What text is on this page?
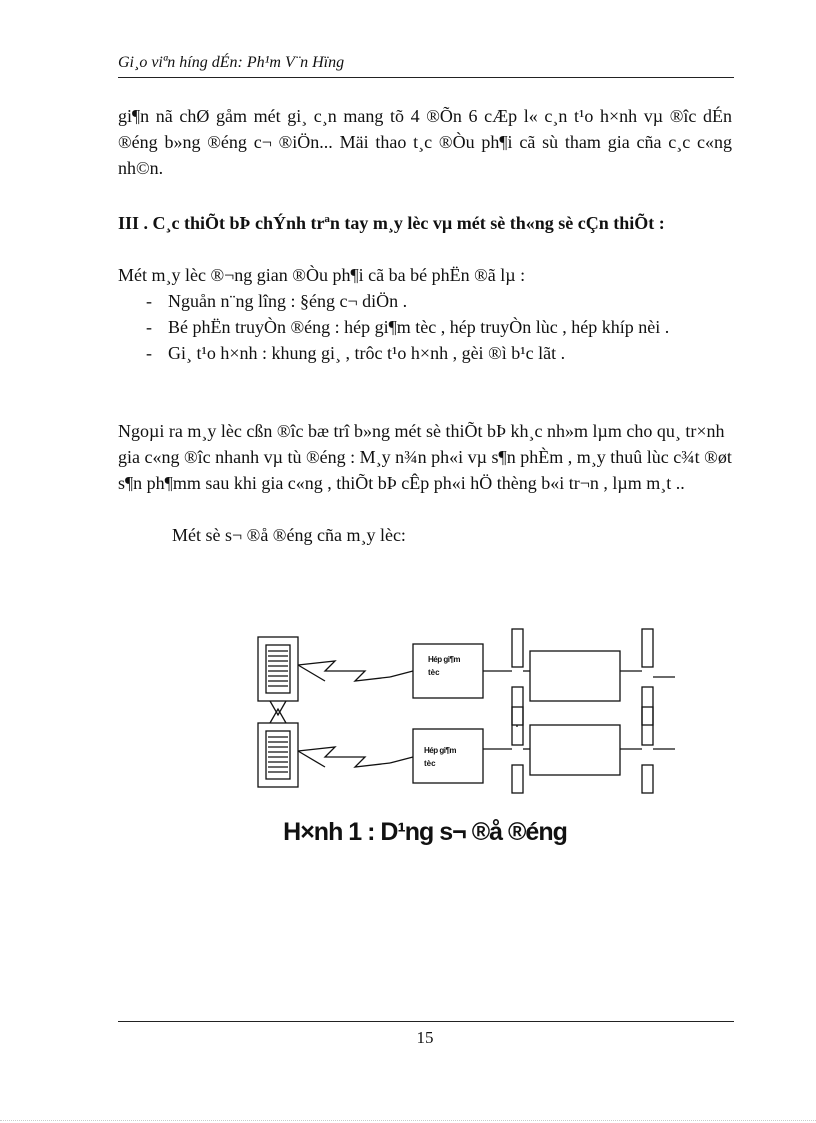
Gi¸o viªn híng dÉn: Ph¹m V¨n Hïng
gi¶n nã chØ gåm mét gi¸ c¸n mang tõ 4 ®Õn 6 cÆp l« c¸n t¹o h×nh vµ ®îc dÉn ®éng b»ng ®éng c¬ ®iÖn... Mäi thao t¸c ®Òu ph¶i cã sù tham gia cña c¸c c«ng nh©n.
III . C¸c thiÕt bÞ chÝnh trªn tay m¸y lèc vµ mét sè th«ng sè cÇn thiÕt :
Mét m¸y lèc ®¬ng gian ®Òu ph¶i cã ba bé phËn ®ã lµ :
- Nguån n¨ng lîng : §éng c¬ diÖn .
- Bé phËn truyÒn ®éng : hép gi¶m tèc , hép truyÒn lùc , hép khíp nèi .
- Gi¸ t¹o h×nh : khung gi¸ , trôc t¹o h×nh , gèi ®ì b¹c lãt .
Ngoµi ra m¸y lèc cßn ®îc bæ trî b»ng mét sè thiÕt bÞ kh¸c nh»m lµm cho qu¸ tr×nh gia c«ng ®îc nhanh vµ tù ®éng : M¸y n¾n ph«i vµ s¶n phÈm , m¸y thuû lùc c¾t ®øt s¶n ph¶mm sau khi gia c«ng , thiÕt bÞ cÊp ph«i hÖ thèng b«i tr¬n , lµm m¸t ..
Mét sè s¬ ®å ®éng cña m¸y lèc:
Hép gi¶m
tèc
Hép gi¶m
tèc
H×nh 1 : D¹ng s¬ ®å ®éng
15
